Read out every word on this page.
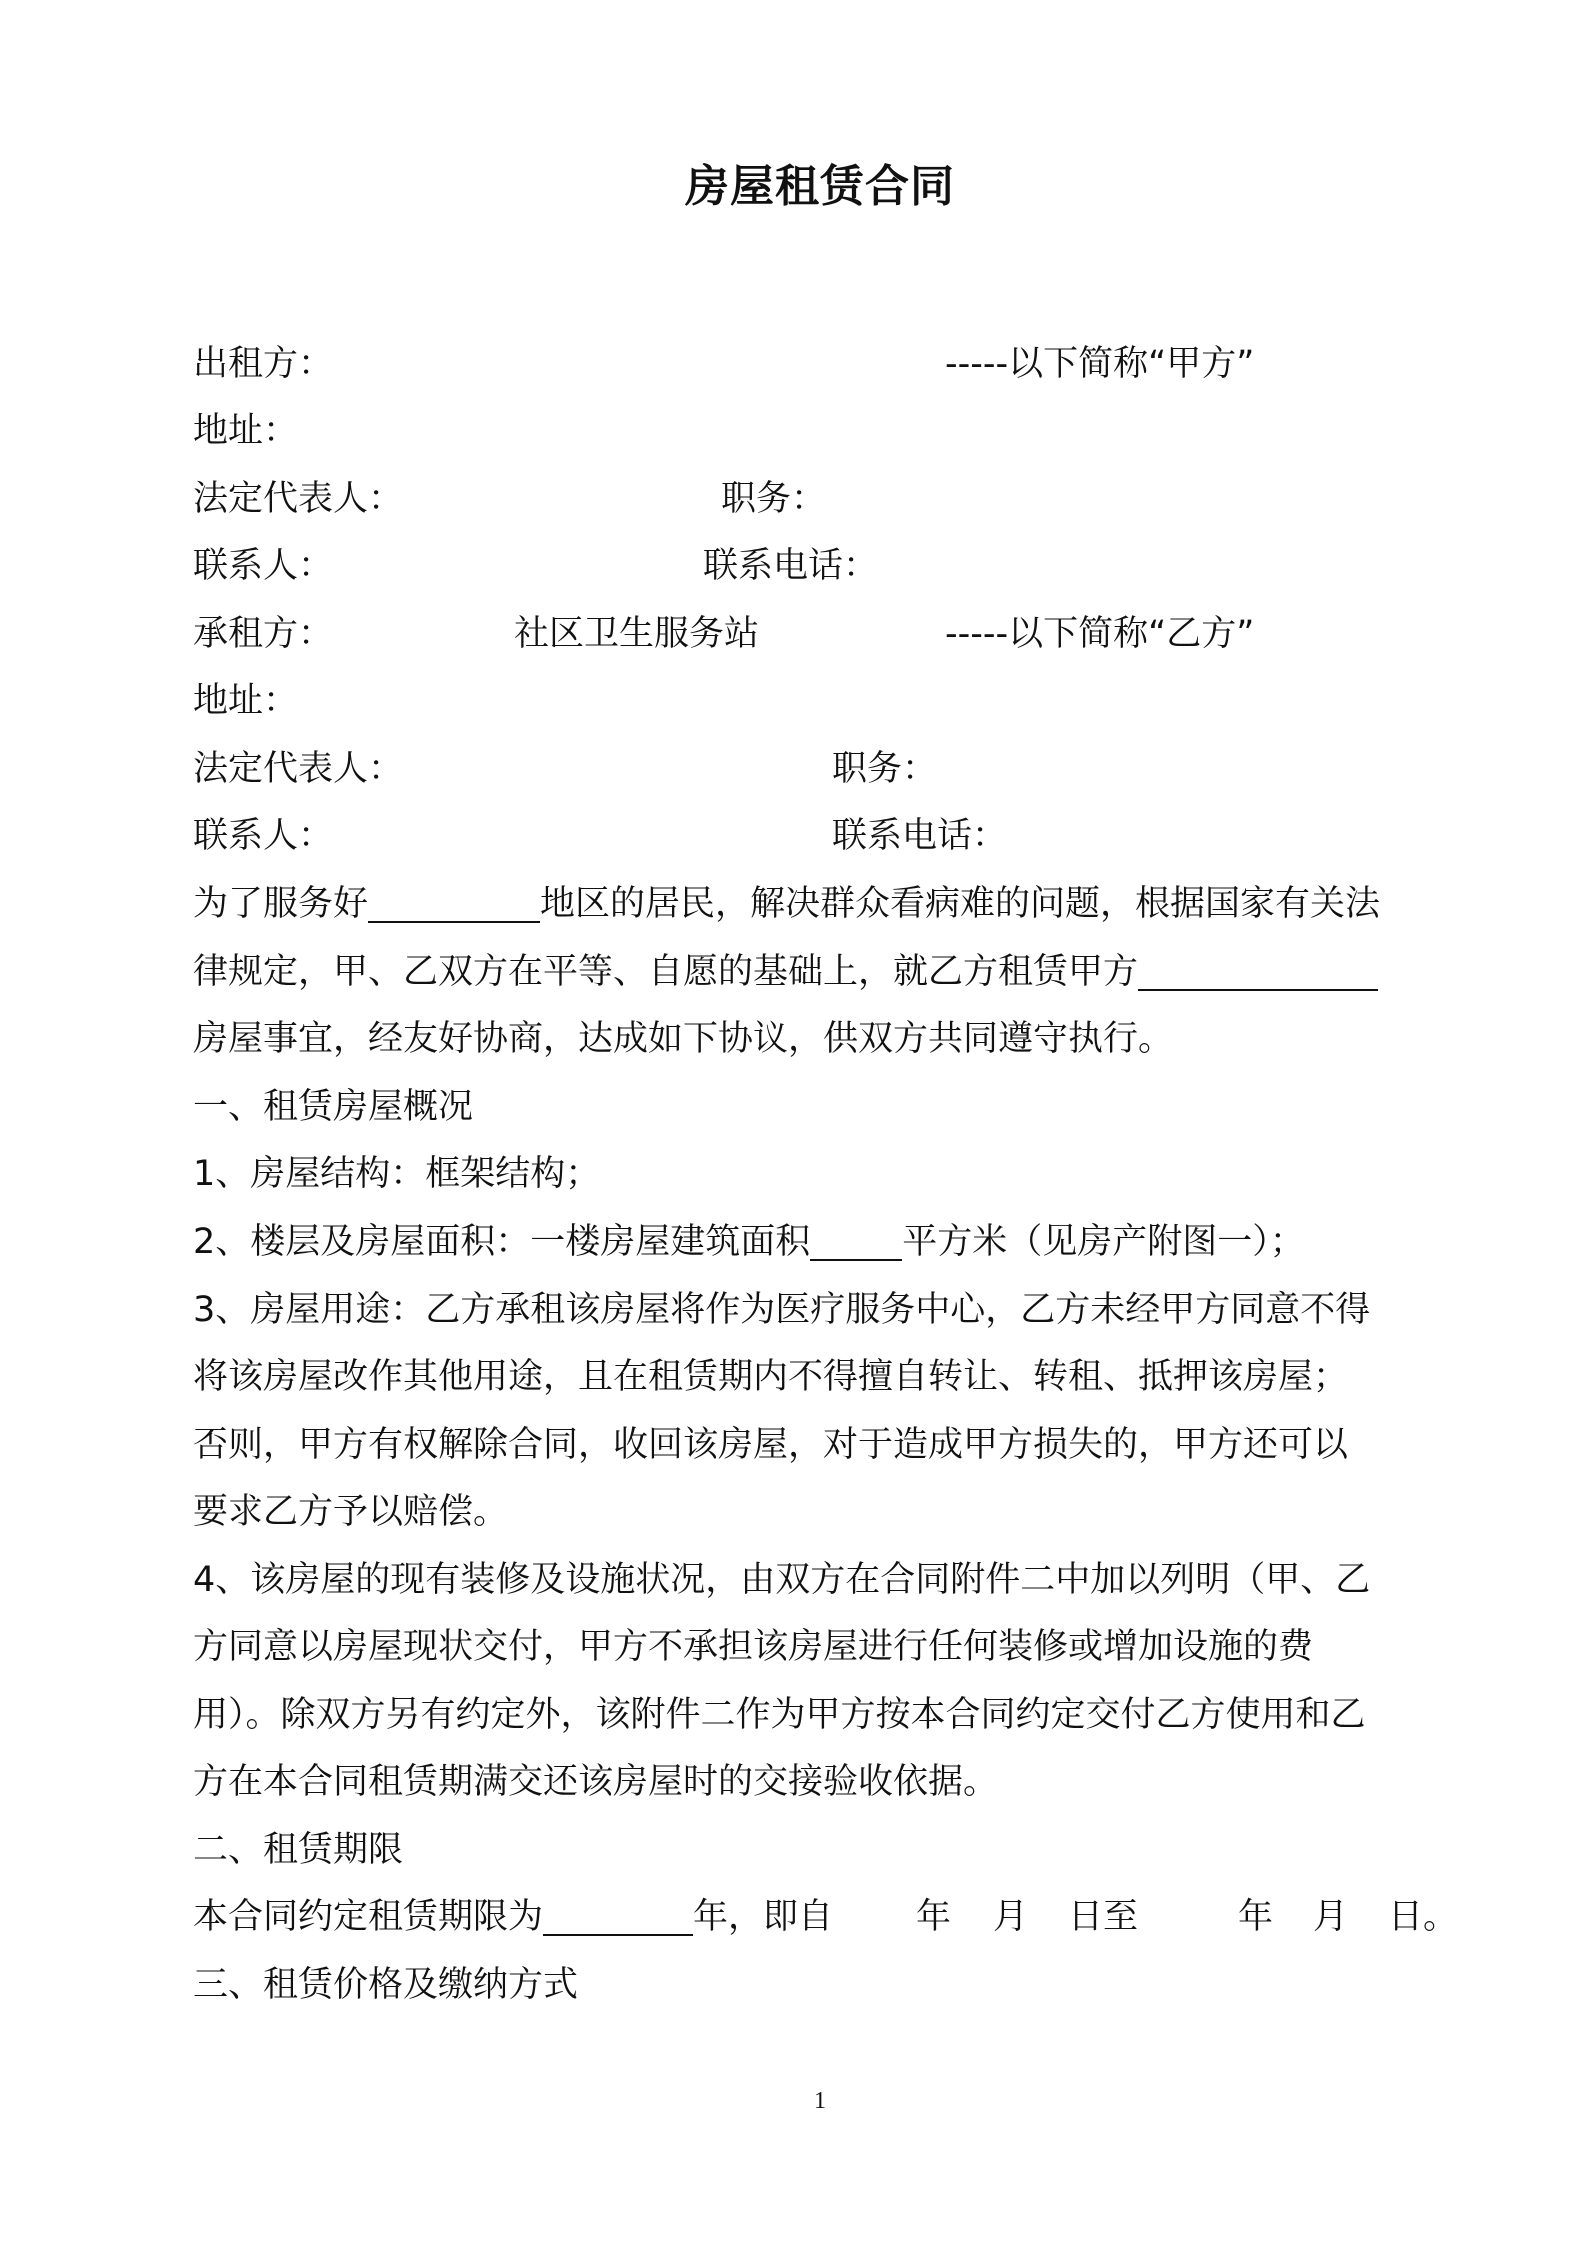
房屋租赁合同
出租方：	-----以下简称“甲方”
地址：
法定代表人：	职务：
联系人：	联系电话：
承租方：	社区卫生服务站	-----以下简称“乙方”
地址：
法定代表人：	职务：
联系人：	联系电话：
为了服务好	地区的居民，解决群众看病难的问题，根据国家有关法
律规定，甲、乙双方在平等、自愿的基础上，就乙方租赁甲方
房屋事宜，经友好协商，达成如下协议，供双方共同遵守执行。
一、租赁房屋概况
1、房屋结构：框架结构；
2、楼层及房屋面积：一楼房屋建筑面积	平方米（见房产附图一）；
3、房屋用途：乙方承租该房屋将作为医疗服务中心，乙方未经甲方同意不得
将该房屋改作其他用途，且在租赁期内不得擅自转让、转租、抵押该房屋；
否则，甲方有权解除合同，收回该房屋，对于造成甲方损失的，甲方还可以
要求乙方予以赔偿。
4、该房屋的现有装修及设施状况，由双方在合同附件二中加以列明（甲、乙
方同意以房屋现状交付，甲方不承担该房屋进行任何装修或增加设施的费
用）。除双方另有约定外，该附件二作为甲方按本合同约定交付乙方使用和乙
方在本合同租赁期满交还该房屋时的交接验收依据。
二、租赁期限
本合同约定租赁期限为	年，即自 年 月 日至	年 月 日。
三、租赁价格及缴纳方式
1
